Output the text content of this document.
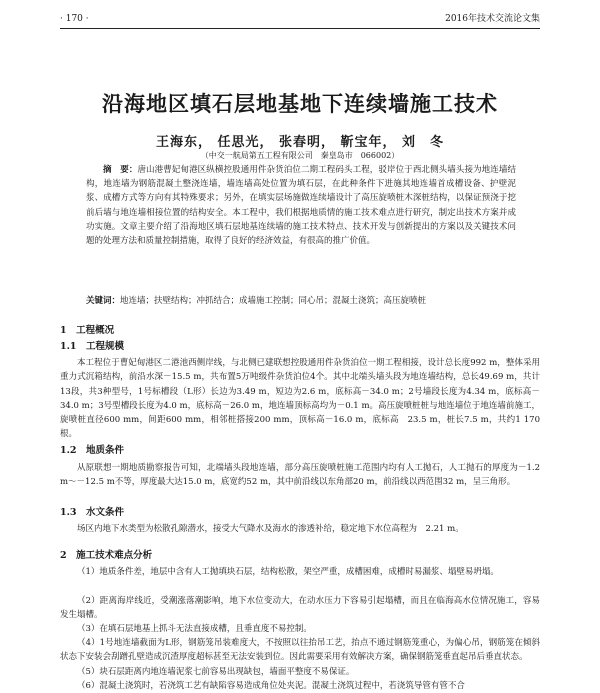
· 170 ·	2016年技术交流论文集
沿海地区填石层地基地下连续墙施工技术
王海东， 任思光， 张春明， 靳宝年， 刘　冬
（中交一航局第五工程有限公司　秦皇岛市　066002）
摘　要：唐山港曹妃甸港区纵横控股通用件杂货泊位二期工程码头工程，驳岸位于西北侧头墙头接为地连墙结构，地连墙为钢筋混凝土整浇连墙，墙连墙高处位置为填石层，在此种条件下进施其地连墙首成槽设备、护壁泥浆、成槽方式等方向有其特殊要求；另外，在填实层场施做连续墙设计了高压旋喷桩木深桩结构，以保证预浇于挖前后墙与地连墙相接位置的结构安全。本工程中，我们根据地质情的施工技术难点进行研究，制定出技术方案并成功实施。文章主要介绍了沿海地区填石层地基连续墙的施工技术特点、技术开发与创新提出的方案以及关键技术问题的处理方法和质量控制措施，取得了良好的经济效益，有很高的推广价值。
关键词：地连墙；扶壁结构；冲抓结合；成墙施工控制；同心吊；混凝土浇筑；高压旋喷桩
1　工程概况
1.1　工程规模
本工程位于曹妃甸港区二港池西侧岸线，与北侧已建联想控股通用件杂货泊位一期工程相接，设计总长度992 m，整体采用重力式沉箱结构，前沿水深－15.5 m，共布置5万吨级件杂货泊位4个。其中北端头墙头段为地连墙结构，总长49.69 m，共计13段，共3种型号，1号标槽段（L形）长边为3.49 m，短边为2.6 m，底标高－34.0 m；2号墙段长度为4.34 m，底标高－34.0 m；3号型槽段长度为4.0 m，底标高－26.0 m，地连墙顶标高均为－0.1 m。高压旋喷桩桩与地连墙位于地连墙前施工，旋喷桩直径600 mm，间距600 mm，相邻桩搭接200 mm，顶标高－16.0 m，底标高　23.5 m，桩长7.5 m，共约1 170根。
1.2　地质条件
从原联想一期地质勘察报告可知，北端墙头段地连墙，部分高压旋喷桩施工范围内均有人工抛石，人工抛石的厚度为－1.2 m～－12.5 m不等，厚度最大达15.0 m，底宽约52 m，其中前沿线以东角部20 m，前沿线以西范围32 m，呈三角形。
1.3　水文条件
场区内地下水类型为松散孔隙潜水，接受大气降水及海水的渗透补给，稳定地下水位高程为　2.21 m。
2　施工技术难点分析
（1）地质条件差，地层中含有人工抛填块石层，结构松散，架空严重，成槽困难，成槽时易漏浆、塌壁易坍塌。
（2）距离海岸线近，受潮涨落潮影响，地下水位变动大，在动水压力下容易引起塌槽，而且在临海高水位情况施工，容易发生塌槽。
（3）在填石层地基上抓斗无法直接成槽，且垂直度不易控制。
（4）1号地连墙截面为L形，钢筋笼吊装难度大，不按照以往抬吊工艺，抬点不通过钢筋笼重心，为偏心吊，钢筋笼在倾斜状态下安装会刮蹭孔壁造成沉渣厚度超标甚至无法安装到位。因此需要采用有效解决方案，确保钢筋笼垂直起吊后垂直状态。
（5）块石层距离内地连墙泥浆七前容易出现缺包，墙面平整度不易保证。
（6）混凝土浇筑时，若浇筑工艺有缺陷容易造成角位处夹泥。混凝土浇筑过程中，若浇筑导管有管不合
